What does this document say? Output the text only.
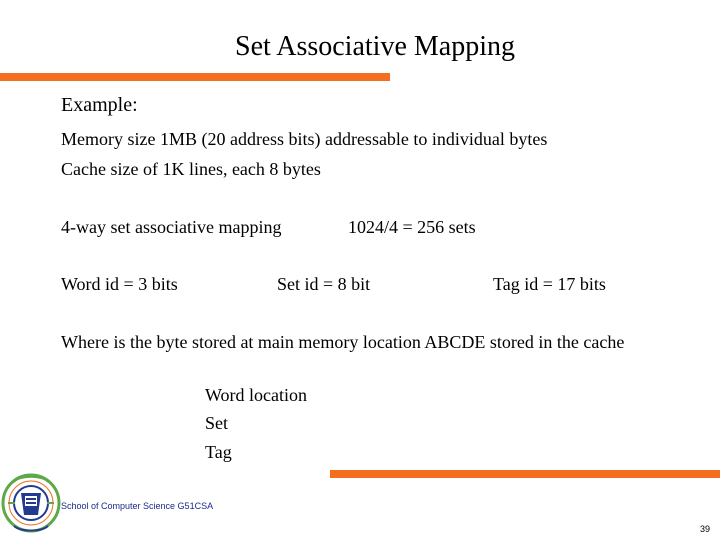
Set Associative Mapping
Example:
Memory size 1MB (20 address bits) addressable to individual bytes
Cache size of 1K lines, each 8 bytes
4-way set associative mapping	1024/4 = 256 sets
Word id = 3 bits	Set id = 8 bit	Tag id = 17 bits
Where is the byte stored at main memory location ABCDE stored in the cache
Word location
Set
Tag
School of Computer Science G51CSA
39
